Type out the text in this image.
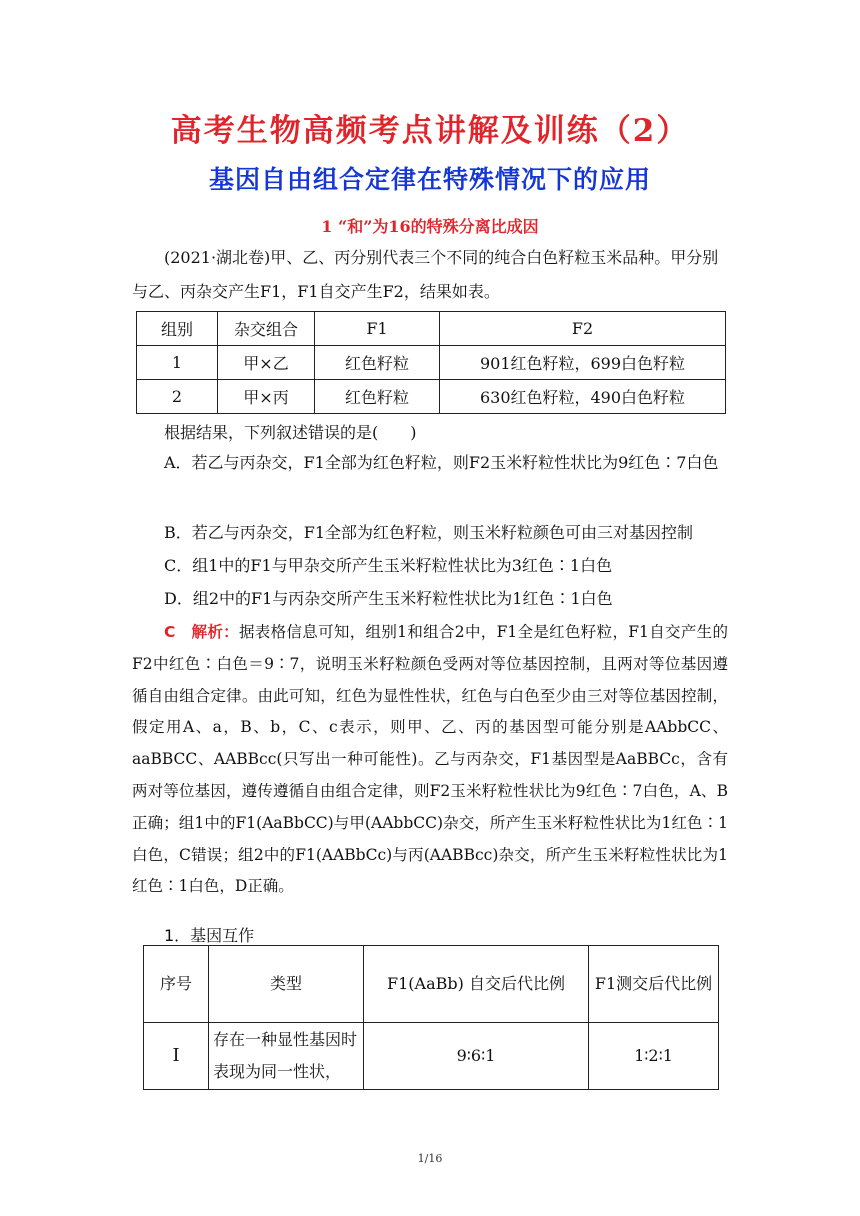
高考生物高频考点讲解及训练（2）
基因自由组合定律在特殊情况下的应用
1 “和”为16的特殊分离比成因
(2021·湖北卷)甲、乙、丙分别代表三个不同的纯合白色籽粒玉米品种。甲分别与乙、丙杂交产生F1，F1自交产生F2，结果如表。
组别	杂交组合	F1	F2
1	甲×乙	红色籽粒	901红色籽粒，699白色籽粒
2	甲×丙	红色籽粒	630红色籽粒，490白色籽粒
根据结果，下列叙述错误的是(　　)
A．若乙与丙杂交，F1全部为红色籽粒，则F2玉米籽粒性状比为9红色∶7白色
B．若乙与丙杂交，F1全部为红色籽粒，则玉米籽粒颜色可由三对基因控制
C．组1中的F1与甲杂交所产生玉米籽粒性状比为3红色∶1白色
D．组2中的F1与丙杂交所产生玉米籽粒性状比为1红色∶1白色
C　 解析：据表格信息可知，组别1和组合2中，F1全是红色籽粒，F1自交产生的F2中红色∶白色＝9∶7，说明玉米籽粒颜色受两对等位基因控制，且两对等位基因遵循自由组合定律。由此可知，红色为显性性状，红色与白色至少由三对等位基因控制，假定用A、a，B、b，C、c表示，则甲、乙、丙的基因型可能分别是AAbbCC、aaBBCC、AABBcc(只写出一种可能性)。乙与丙杂交，F1基因型是AaBBCc，含有两对等位基因，遵传遵循自由组合定律，则F2玉米籽粒性状比为9红色∶7白色，A、B正确；组1中的F1(AaBbCC)与甲(AAbbCC)杂交，所产生玉米籽粒性状比为1红色∶1白色，C错误；组2中的F1(AABbCc)与丙(AABBcc)杂交，所产生玉米籽粒性状比为1红色∶1白色，D正确。
1．基因互作
序号	类型	F1(AaBb) 自交后代比例	F1测交后代比例
Ⅰ	存在一种显性基因时表现为同一性状，	9∶6∶1	1∶2∶1
1/16
